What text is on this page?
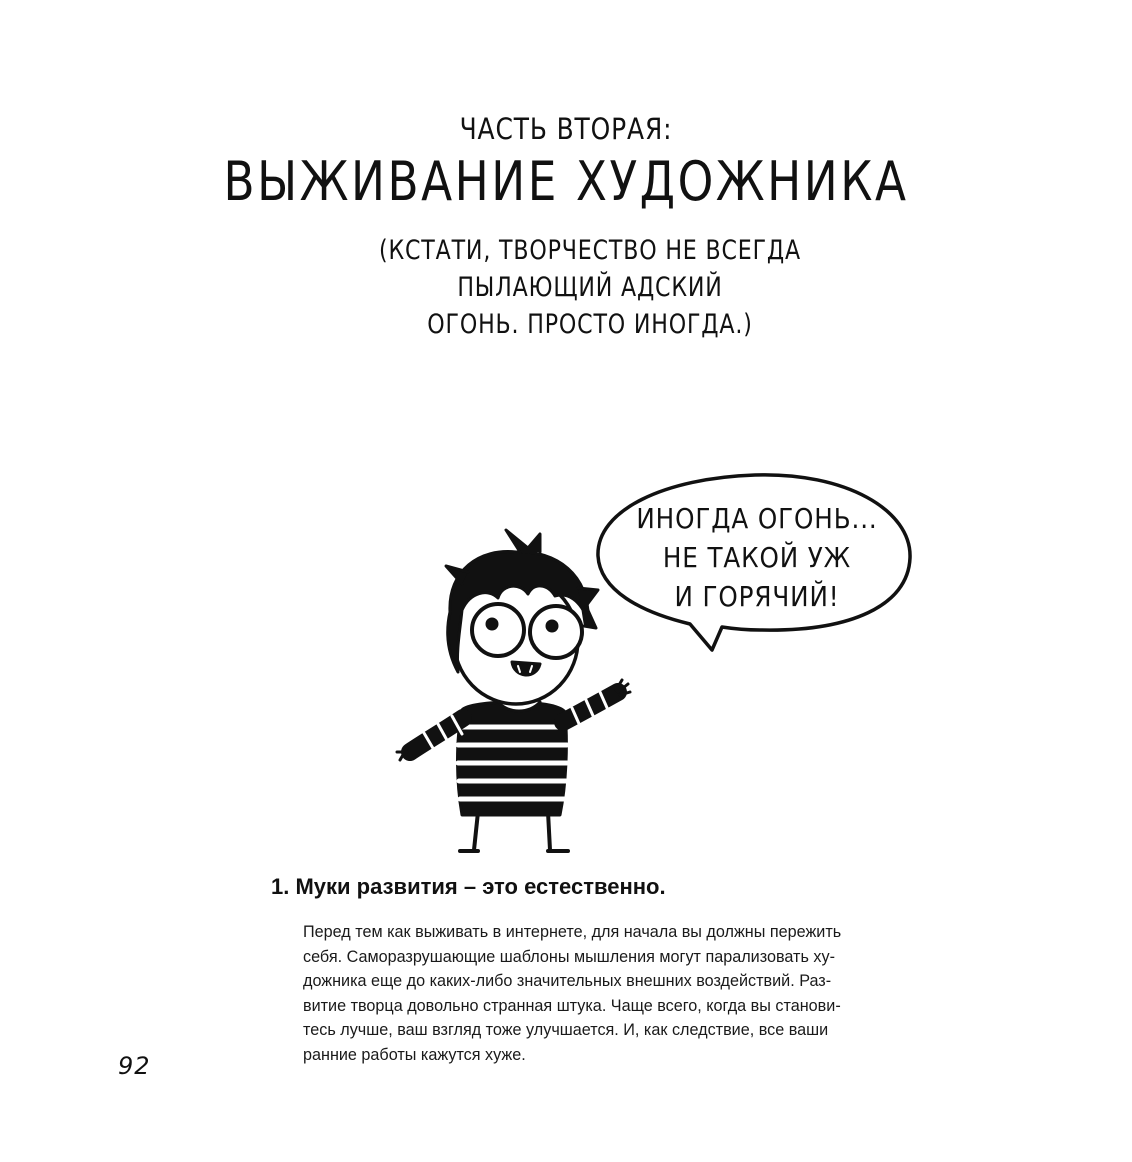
ЧАСТЬ ВТОРАЯ:
ВЫЖИВАНИЕ ХУДОЖНИКА
(КСТАТИ, ТВОРЧЕСТВО НЕ ВСЕГДА ПЫЛАЮЩИЙ АДСКИЙ
ОГОНЬ. ПРОСТО ИНОГДА.)
ИНОГДА ОГОНЬ...
НЕ ТАКОЙ УЖ
И ГОРЯЧИЙ!
1. Муки развития – это естественно.
Перед тем как выживать в интернете, для начала вы должны пережить
себя. Саморазрушающие шаблоны мышления могут парализовать ху-
дожника еще до каких-либо значительных внешних воздействий. Раз-
витие творца довольно странная штука. Чаще всего, когда вы станови-
тесь лучше, ваш взгляд тоже улучшается. И, как следствие, все ваши
ранние работы кажутся хуже.
92
